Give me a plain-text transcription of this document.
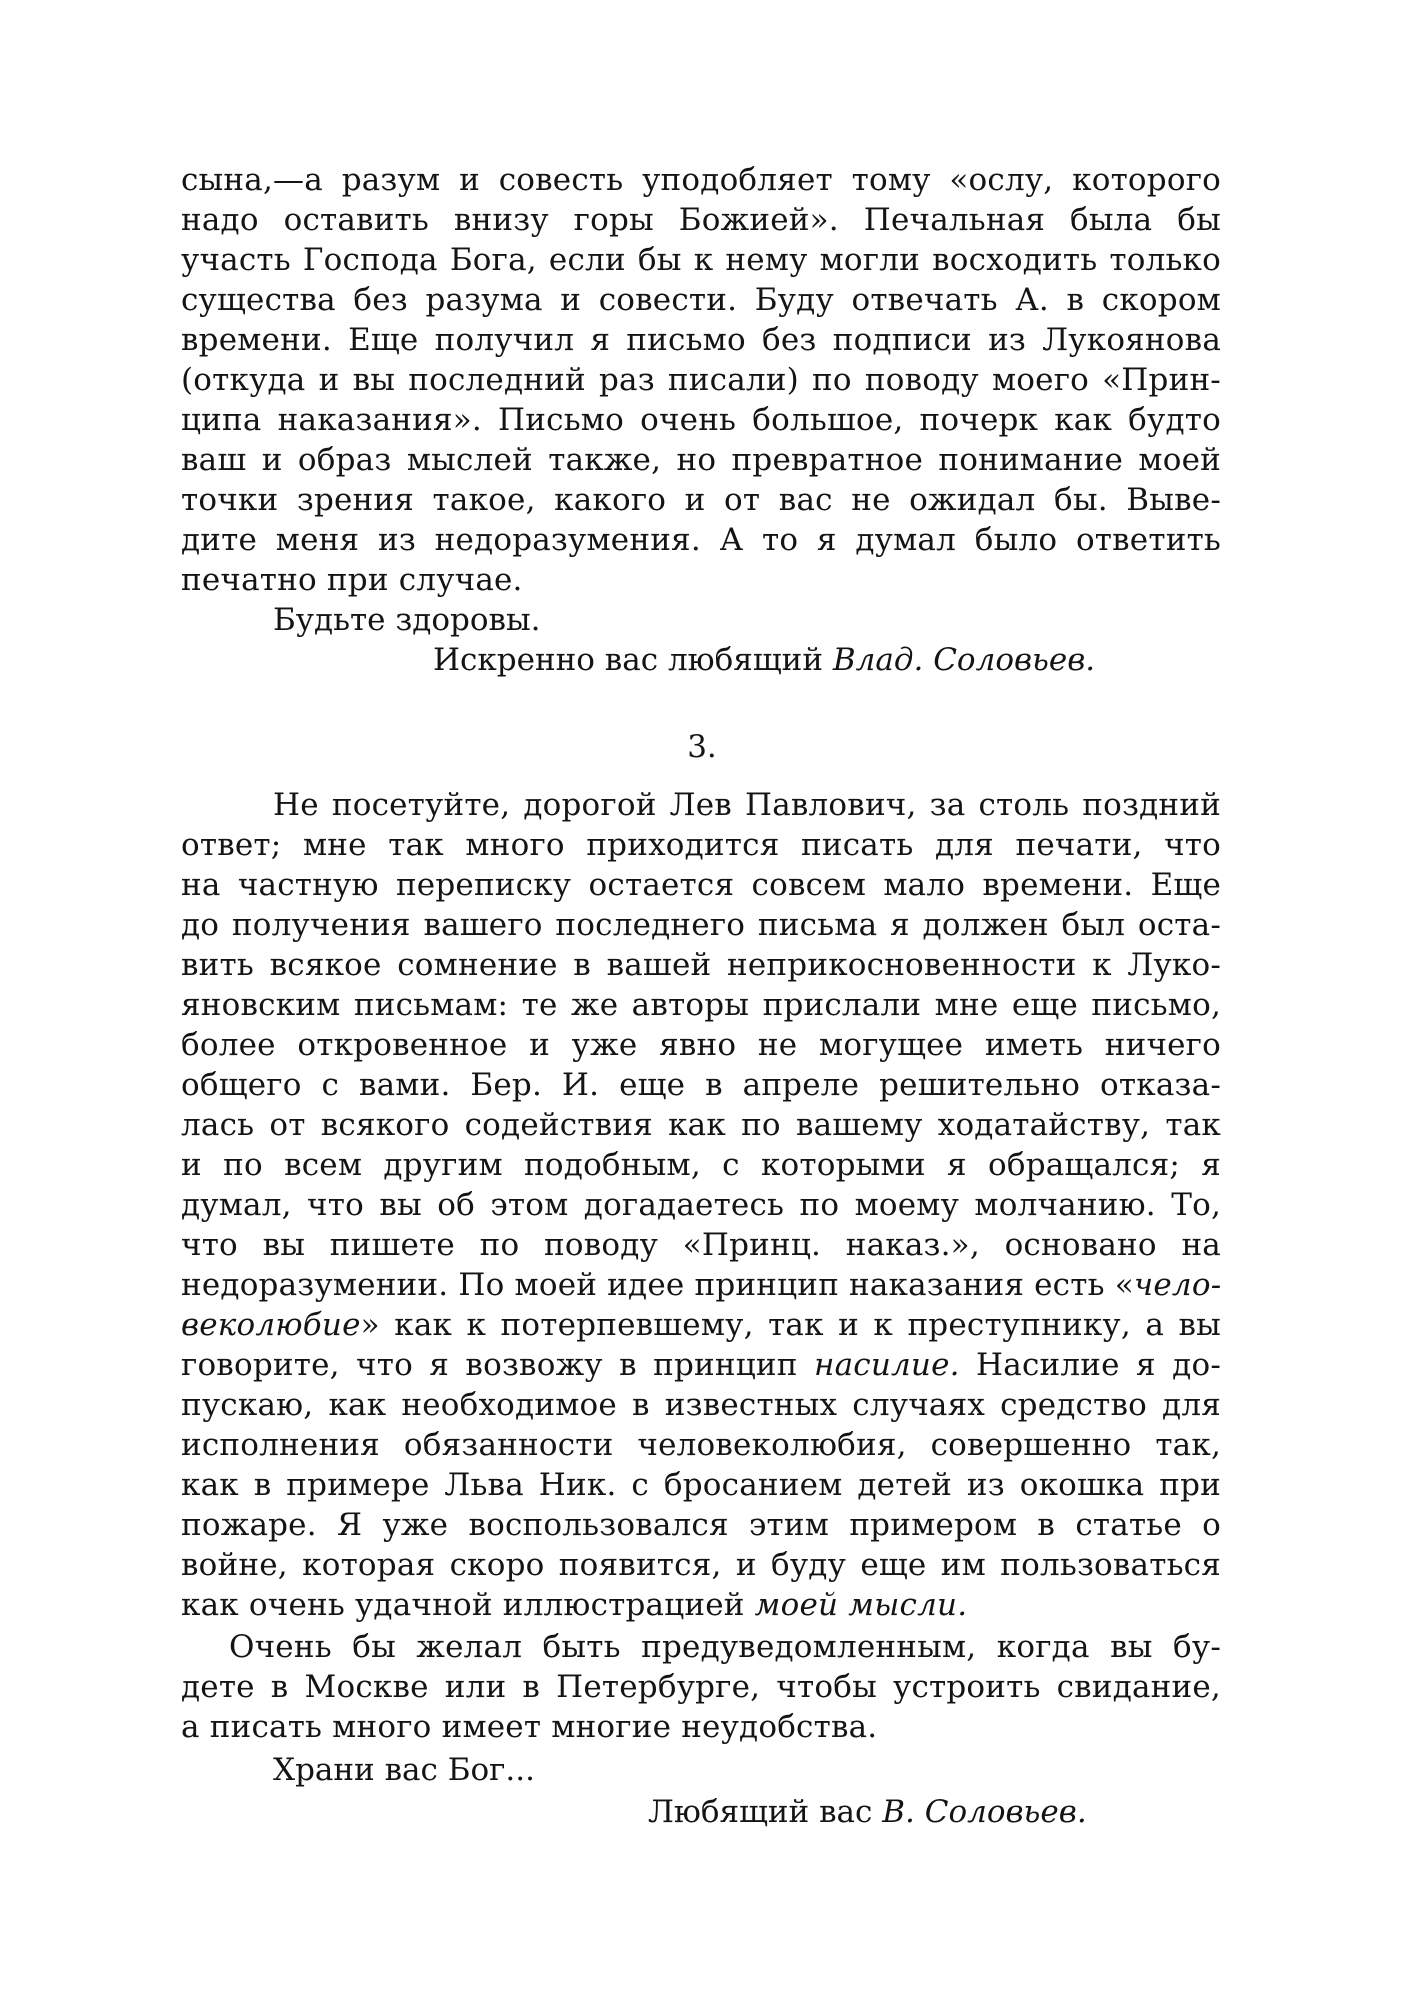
сына,—а разум и совесть уподобляет тому «ослу, которого
надо оставить внизу горы Божией». Печальная была бы
участь Господа Бога, если бы к нему могли восходить только
существа без разума и совести. Буду отвечать А. в скором
времени. Еще получил я письмо без подписи из Лукоянова
(откуда и вы последний раз писали) по поводу моего «Прин-
ципа наказания». Письмо очень большое, почерк как будто
ваш и образ мыслей также, но превратное понимание моей
точки зрения такое, какого и от вас не ожидал бы. Выве-
дите меня из недоразумения. А то я думал было ответить
печатно при случае.
Будьте здоровы.
Искренно вас любящий Влад. Соловьев.
3.
Не посетуйте, дорогой Лев Павлович, за столь поздний
ответ; мне так много приходится писать для печати, что
на частную переписку остается совсем мало времени. Еще
до получения вашего последнего письма я должен был оста-
вить всякое сомнение в вашей неприкосновенности к Луко-
яновским письмам: те же авторы прислали мне еще письмо,
более откровенное и уже явно не могущее иметь ничего
общего с вами. Бер. И. еще в апреле решительно отказа-
лась от всякого содействия как по вашему ходатайству, так
и по всем другим подобным, с которыми я обращался; я
думал, что вы об этом догадаетесь по моему молчанию. То,
что вы пишете по поводу «Принц. наказ.», основано на
недоразумении. По моей идее принцип наказания есть «чело-
веколюбие» как к потерпевшему, так и к преступнику, а вы
говорите, что я возвожу в принцип насилие. Насилие я до-
пускаю, как необходимое в известных случаях средство для
исполнения обязанности человеколюбия, совершенно так,
как в примере Льва Ник. с бросанием детей из окошка при
пожаре. Я уже воспользовался этим примером в статье о
войне, которая скоро появится, и буду еще им пользоваться
как очень удачной иллюстрацией моей мысли.
Очень бы желал быть предуведомленным, когда вы бу-
дете в Москве или в Петербурге, чтобы устроить свидание,
а писать много имеет многие неудобства.
Храни вас Бог...
Любящий вас В. Соловьев.
